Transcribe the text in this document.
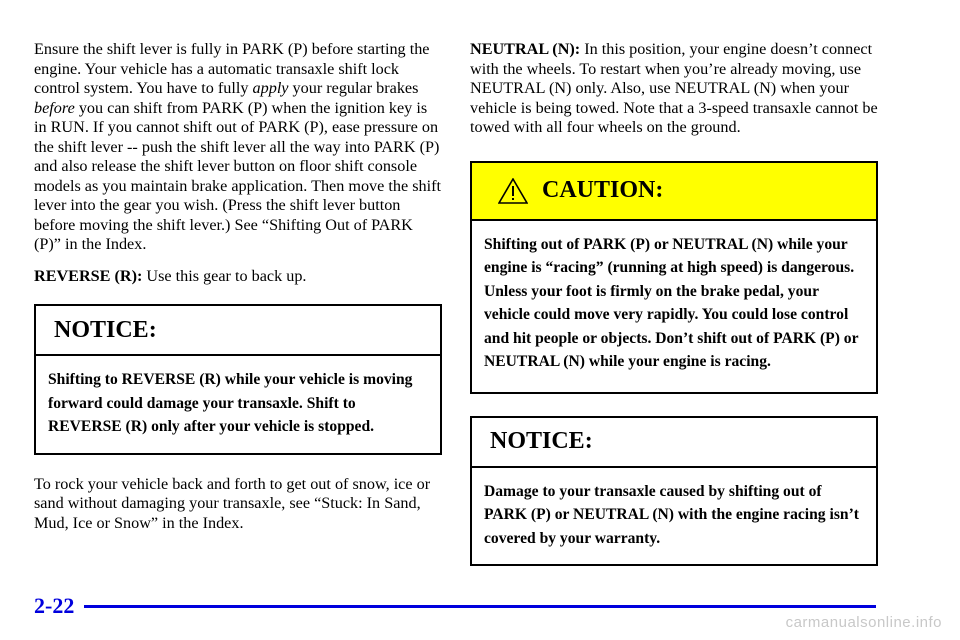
Ensure the shift lever is fully in PARK (P) before starting the engine. Your vehicle has a automatic transaxle shift lock control system. You have to fully apply your regular brakes before you can shift from PARK (P) when the ignition key is in RUN. If you cannot shift out of PARK (P), ease pressure on the shift lever -- push the shift lever all the way into PARK (P) and also release the shift lever button on floor shift console models as you maintain brake application. Then move the shift lever into the gear you wish. (Press the shift lever button before moving the shift lever.) See “Shifting Out of PARK (P)” in the Index.

REVERSE (R): Use this gear to back up.

NOTICE:
Shifting to REVERSE (R) while your vehicle is moving forward could damage your transaxle. Shift to REVERSE (R) only after your vehicle is stopped.

To rock your vehicle back and forth to get out of snow, ice or sand without damaging your transaxle, see “Stuck: In Sand, Mud, Ice or Snow” in the Index.

NEUTRAL (N): In this position, your engine doesn’t connect with the wheels. To restart when you’re already moving, use NEUTRAL (N) only. Also, use NEUTRAL (N) when your vehicle is being towed. Note that a 3-speed transaxle cannot be towed with all four wheels on the ground.

CAUTION:
Shifting out of PARK (P) or NEUTRAL (N) while your engine is “racing” (running at high speed) is dangerous. Unless your foot is firmly on the brake pedal, your vehicle could move very rapidly. You could lose control and hit people or objects. Don’t shift out of PARK (P) or NEUTRAL (N) while your engine is racing.
NOTICE:
Damage to your transaxle caused by shifting out of PARK (P) or NEUTRAL (N) with the engine racing isn’t covered by your warranty.
2-22
carmanualsonline.info
